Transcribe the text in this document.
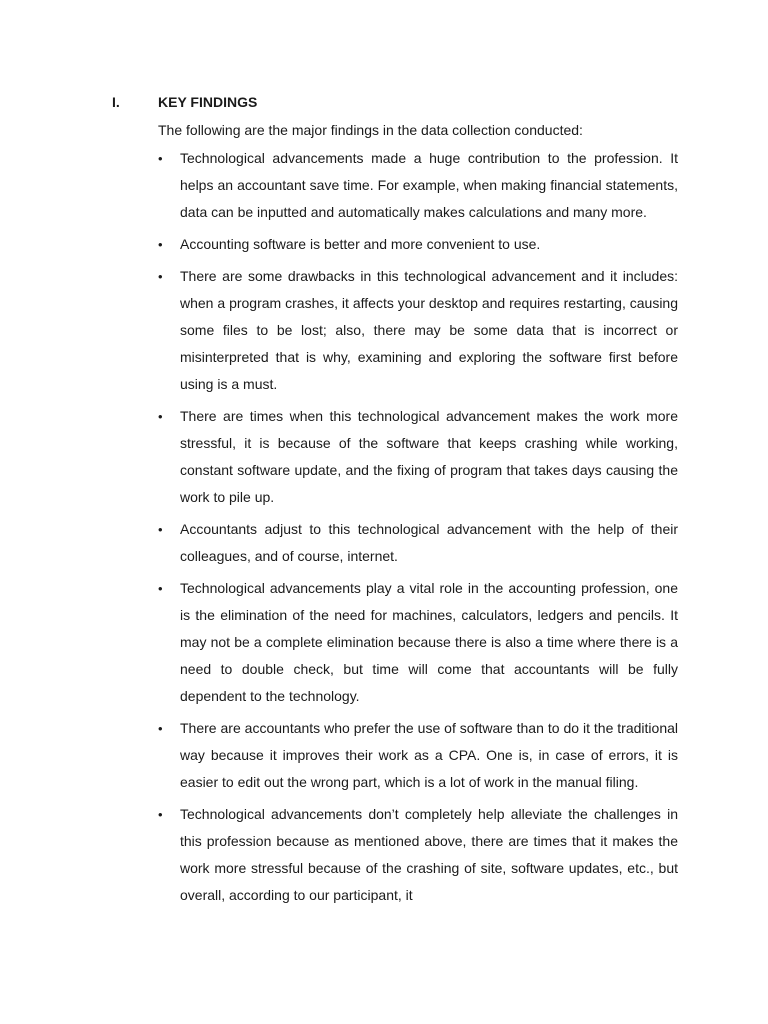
I.	KEY FINDINGS
The following are the major findings in the data collection conducted:
• Technological advancements made a huge contribution to the profession. It helps an accountant save time. For example, when making financial statements, data can be inputted and automatically makes calculations and many more.
• Accounting software is better and more convenient to use.
• There are some drawbacks in this technological advancement and it includes: when a program crashes, it affects your desktop and requires restarting, causing some files to be lost; also, there may be some data that is incorrect or misinterpreted that is why, examining and exploring the software first before using is a must.
• There are times when this technological advancement makes the work more stressful, it is because of the software that keeps crashing while working, constant software update, and the fixing of program that takes days causing the work to pile up.
• Accountants adjust to this technological advancement with the help of their colleagues, and of course, internet.
• Technological advancements play a vital role in the accounting profession, one is the elimination of the need for machines, calculators, ledgers and pencils. It may not be a complete elimination because there is also a time where there is a need to double check, but time will come that accountants will be fully dependent to the technology.
• There are accountants who prefer the use of software than to do it the traditional way because it improves their work as a CPA. One is, in case of errors, it is easier to edit out the wrong part, which is a lot of work in the manual filing.
• Technological advancements don’t completely help alleviate the challenges in this profession because as mentioned above, there are times that it makes the work more stressful because of the crashing of site, software updates, etc., but overall, according to our participant, it
